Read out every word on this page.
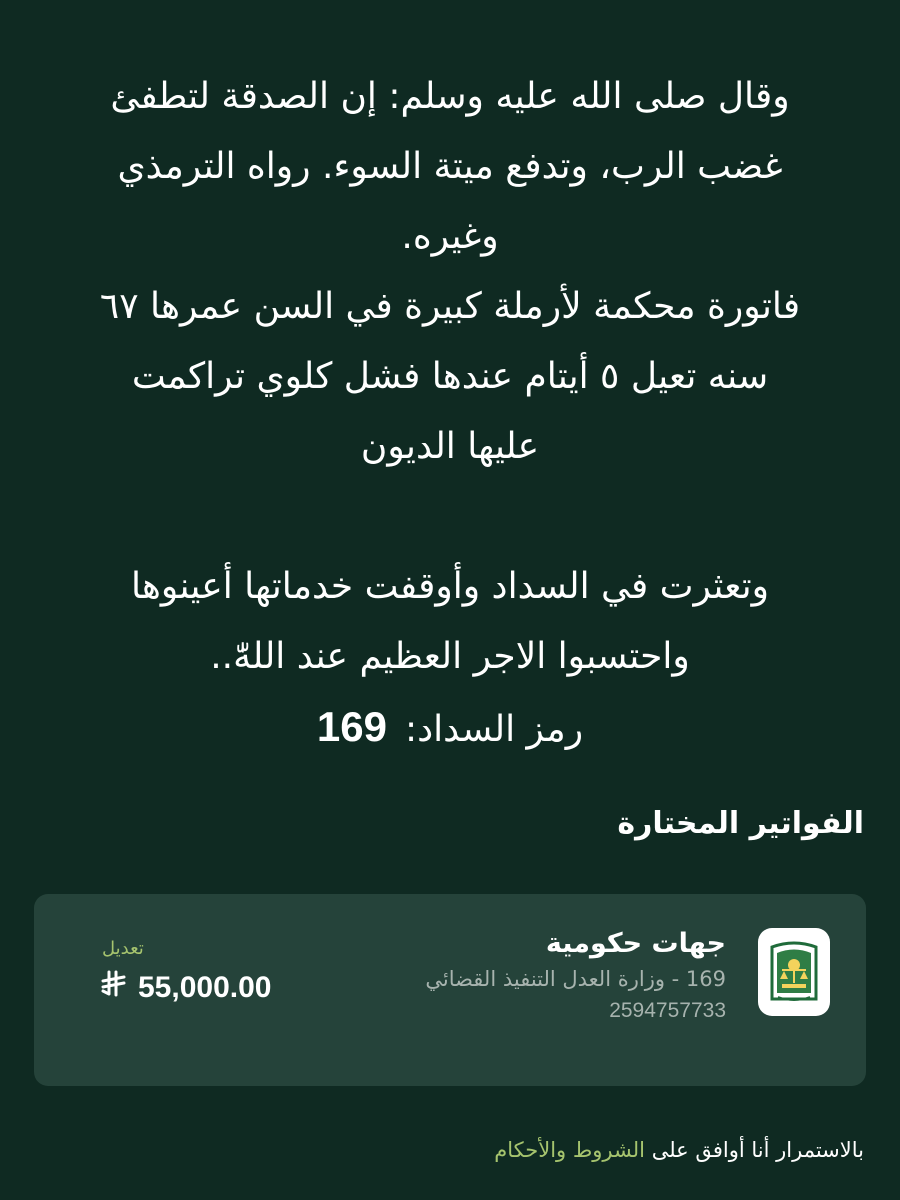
وقال صلى الله عليه وسلم: إن الصدقة لتطفئ

غضب الرب، وتدفع ميتة السوء. رواه الترمذي

وغيره.

فاتورة محكمة لأرملة كبيرة في السن عمرها ٦٧

سنه تعيل ٥ أيتام عندها فشل كلوي تراكمت

عليها الديون

وتعثرت في السداد وأوقفت خدماتها أعينوها

واحتسبوا الاجر العظيم عند اللهّٰ..

رمز السداد:169

الفواتير المختارة

جهات حكومية

169 - وزارة العدل التنفيذ القضائي

2594757733

تعديل
55,000.00
بالاستمرار أنا أوافق على الشروط والأحكام
